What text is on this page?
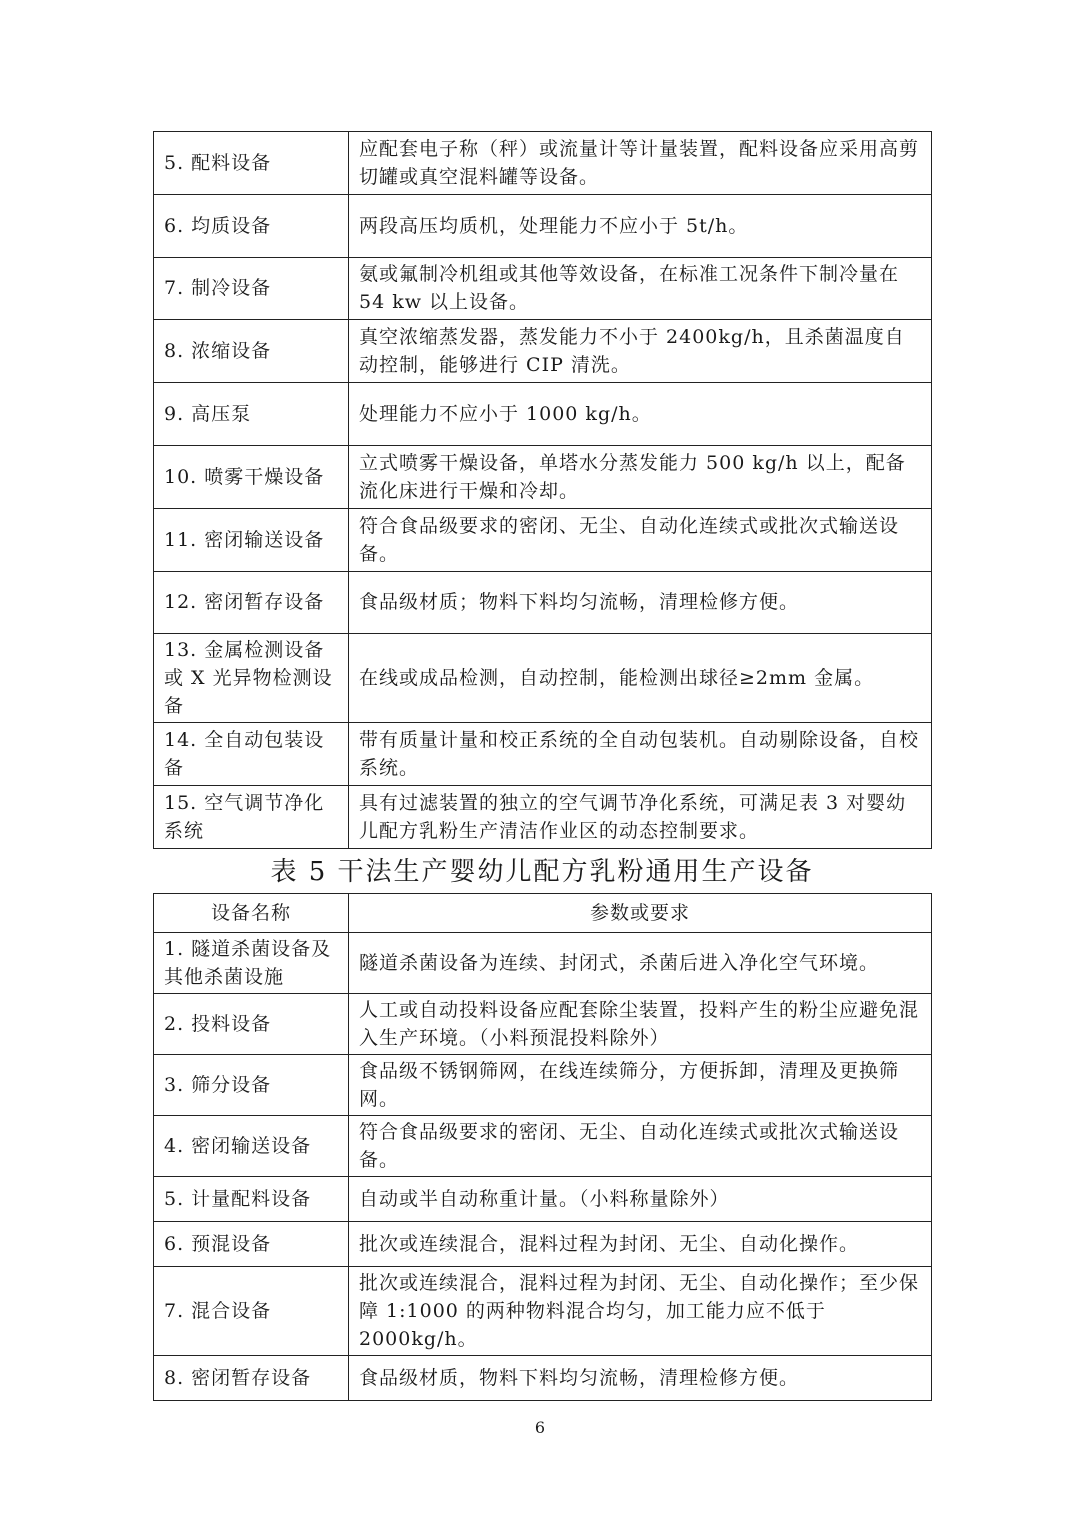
5. 配料设备	应配套电子称（秤）或流量计等计量装置，配料设备应采用高剪切罐或真空混料罐等设备。
6. 均质设备	两段高压均质机，处理能力不应小于 5t/h。
7. 制冷设备	氨或氟制冷机组或其他等效设备，在标准工况条件下制冷量在 54 kw 以上设备。
8. 浓缩设备	真空浓缩蒸发器，蒸发能力不小于 2400kg/h，且杀菌温度自动控制，能够进行 CIP 清洗。
9. 高压泵	处理能力不应小于 1000 kg/h。
10. 喷雾干燥设备	立式喷雾干燥设备，单塔水分蒸发能力 500 kg/h 以上，配备流化床进行干燥和冷却。
11. 密闭输送设备	符合食品级要求的密闭、无尘、自动化连续式或批次式输送设备。
12. 密闭暂存设备	食品级材质；物料下料均匀流畅，清理检修方便。
13. 金属检测设备或 X 光异物检测设备	在线或成品检测，自动控制，能检测出球径≥2mm 金属。
14. 全自动包装设备	带有质量计量和校正系统的全自动包装机。自动剔除设备，自校系统。
15. 空气调节净化系统	具有过滤装置的独立的空气调节净化系统，可满足表 3 对婴幼儿配方乳粉生产清洁作业区的动态控制要求。
表 5 干法生产婴幼儿配方乳粉通用生产设备
设备名称	参数或要求
1. 隧道杀菌设备及其他杀菌设施	隧道杀菌设备为连续、封闭式，杀菌后进入净化空气环境。
2. 投料设备	人工或自动投料设备应配套除尘装置，投料产生的粉尘应避免混入生产环境。（小料预混投料除外）
3. 筛分设备	食品级不锈钢筛网，在线连续筛分，方便拆卸，清理及更换筛网。
4. 密闭输送设备	符合食品级要求的密闭、无尘、自动化连续式或批次式输送设备。
5. 计量配料设备	自动或半自动称重计量。（小料称量除外）
6. 预混设备	批次或连续混合，混料过程为封闭、无尘、自动化操作。
7. 混合设备	批次或连续混合，混料过程为封闭、无尘、自动化操作；至少保障 1:1000 的两种物料混合均匀，加工能力应不低于 2000kg/h。
8. 密闭暂存设备	食品级材质，物料下料均匀流畅，清理检修方便。
6
